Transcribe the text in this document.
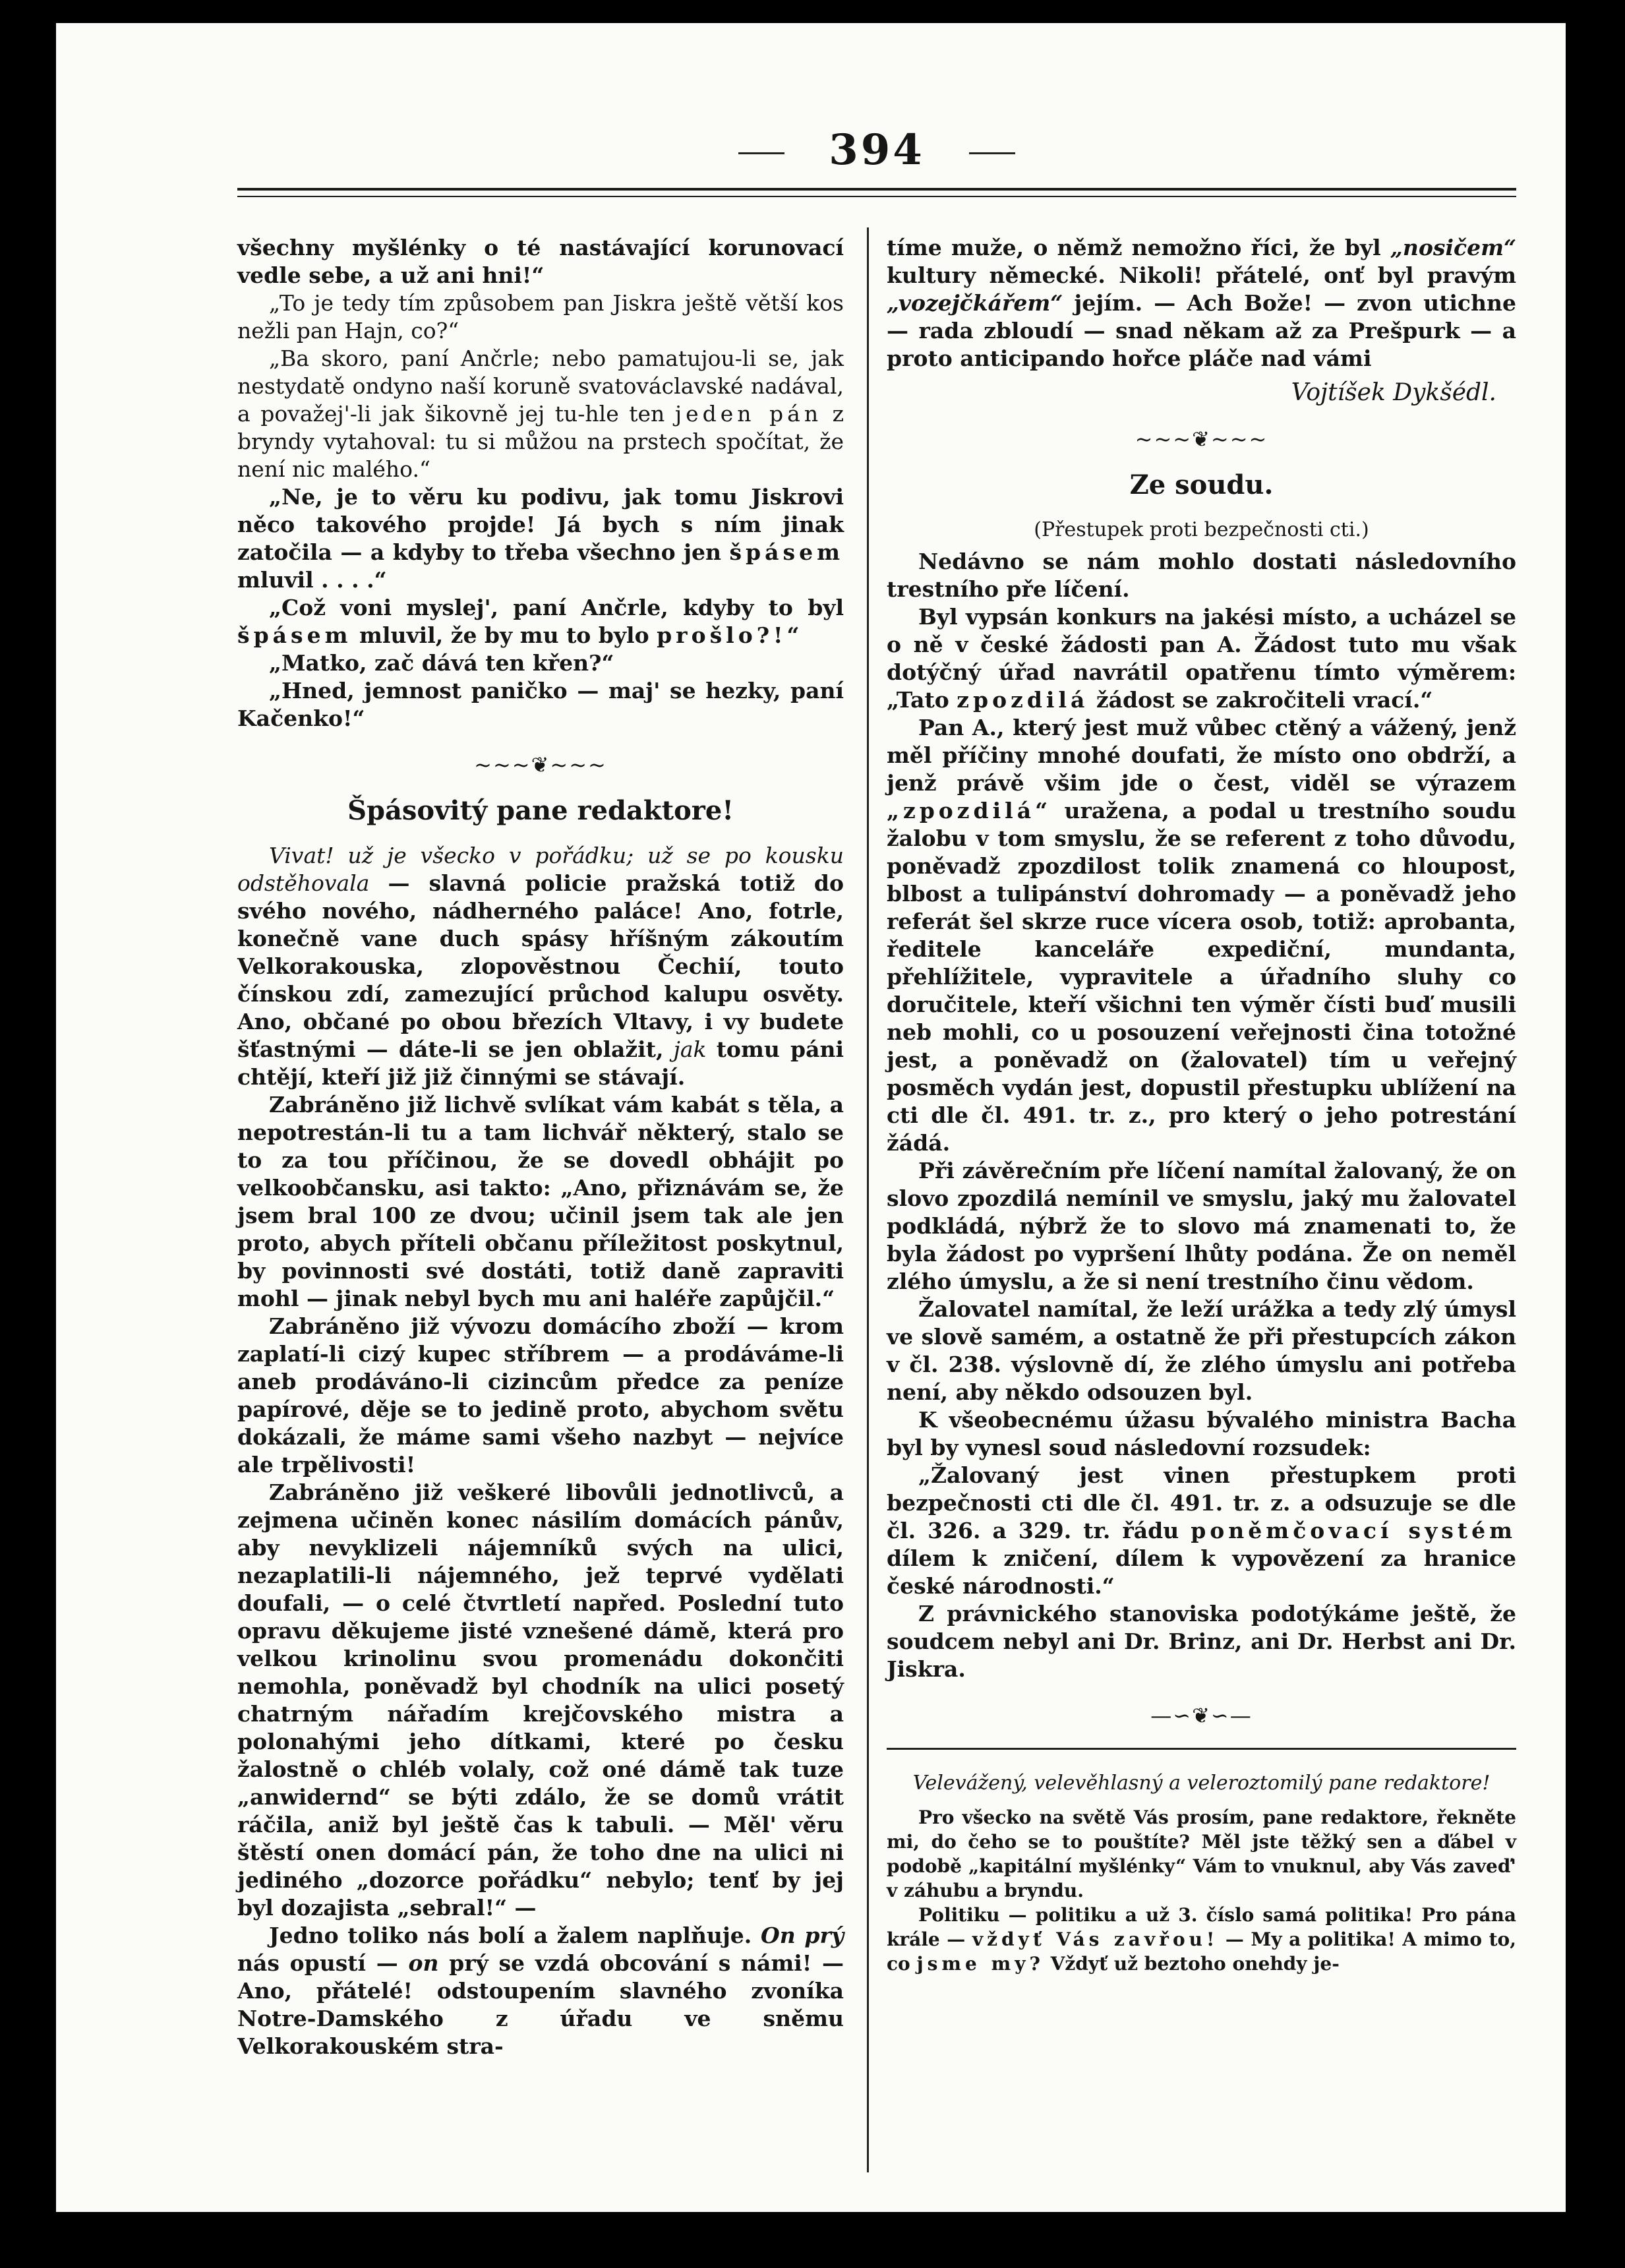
394

všechny myšlénky o té nastávající korunovací vedle sebe, a už ani hni!“

„To je tedy tím způsobem pan Jiskra ještě větší kos nežli pan Hajn, co?“

„Ba skoro, paní Ančrle; nebo pamatujou-li se, jak nestydatě ondyno naší koruně svatováclavské nadával, a považej'-li jak šikovně jej tu-hle ten jeden pán z bryndy vytahoval: tu si můžou na prstech spočítat, že není nic malého.“

„Ne, je to věru ku podivu, jak tomu Jiskrovi něco takového projde! Já bych s ním jinak zatočila — a kdyby to třeba všechno jen špásem mluvil . . . .“

„Což voni myslej', paní Ančrle, kdyby to byl špásem mluvil, že by mu to bylo prošlo?!“

„Matko, zač dává ten křen?“

„Hned, jemnost paničko — maj' se hezky, paní Kačenko!“

~~~❦~~~
Špásovitý pane redaktore!

Vivat! už je všecko v pořádku; už se po kousku odstěhovala — slavná policie pražská totiž do svého nového, nádherného paláce! Ano, fotrle, konečně vane duch spásy hříšným zákoutím Velkorakouska, zlopověstnou Čechií, touto čínskou zdí, zamezující průchod kalupu osvěty. Ano, občané po obou březích Vltavy, i vy budete šťastnými — dáte-li se jen oblažit, jak tomu páni chtějí, kteří již již činnými se stávají.

Zabráněno již lichvě svlíkat vám kabát s těla, a nepotrestán-li tu a tam lichvář některý, stalo se to za tou příčinou, že se dovedl obhájit po velkoobčansku, asi takto: „Ano, přiznávám se, že jsem bral 100 ze dvou; učinil jsem tak ale jen proto, abych příteli občanu příležitost poskytnul, by povinnosti své dostáti, totiž daně zapraviti mohl — jinak nebyl bych mu ani haléře zapůjčil.“

Zabráněno již vývozu domácího zboží — krom zaplatí-li cizý kupec stříbrem — a prodáváme-li aneb prodáváno-li cizincům předce za peníze papírové, děje se to jedině proto, abychom světu dokázali, že máme sami všeho nazbyt — nejvíce ale trpělivosti!

Zabráněno již veškeré libovůli jednotlivců, a zejmena učiněn konec násilím domácích pánův, aby nevyklizeli nájemníků svých na ulici, nezaplatili-li nájemného, jež teprvé vydělati doufali, — o celé čtvrtletí napřed. Poslední tuto opravu děkujeme jisté vznešené dámě, která pro velkou krinolinu svou promenádu dokončiti nemohla, poněvadž byl chodník na ulici posetý chatrným nářadím krejčovského mistra a polonahými jeho dítkami, které po česku žalostně o chléb volaly, což oné dámě tak tuze „anwidernd“ se býti zdálo, že se domů vrátit ráčila, aniž byl ještě čas k tabuli. — Měl' věru štěstí onen domácí pán, že toho dne na ulici ni jediného „dozorce pořádku“ nebylo; tenť by jej byl dozajista „sebral!“ —

Jedno toliko nás bolí a žalem naplňuje. On prý nás opustí — on prý se vzdá obcování s námi! — Ano, přátelé! odstoupením slavného zvoníka Notre-Damského z úřadu ve sněmu Velkorakouském stra-

tíme muže, o němž nemožno říci, že byl „nosičem“ kultury německé. Nikoli! přátelé, onť byl pravým „vozejčkářem“ jejím. — Ach Bože! — zvon utichne — rada zbloudí — snad někam až za Prešpurk — a proto anticipando hořce pláče nad vámi

Vojtíšek Dykšédl.
~~~❦~~~
Ze soudu.
(Přestupek proti bezpečnosti cti.)

Nedávno se nám mohlo dostati následovního trestního pře líčení.

Byl vypsán konkurs na jakési místo, a ucházel se o ně v české žádosti pan A. Žádost tuto mu však dotýčný úřad navrátil opatřenu tímto výměrem: „Tato zpozdilá žádost se zakročiteli vrací.“

Pan A., který jest muž vůbec ctěný a vážený, jenž měl příčiny mnohé doufati, že místo ono obdrží, a jenž právě všim jde o čest, viděl se výrazem „zpozdilá“ uražena, a podal u trestního soudu žalobu v tom smyslu, že se referent z toho důvodu, poněvadž zpozdilost tolik znamená co hloupost, blbost a tulipánství dohromady — a poněvadž jeho referát šel skrze ruce vícera osob, totiž: aprobanta, ředitele kanceláře expediční, mundanta, přehlížitele, vypravitele a úřadního sluhy co doručitele, kteří všichni ten výměr čísti buď musili neb mohli, co u posouzení veřejnosti čina totožné jest, a poněvadž on (žalovatel) tím u veřejný posměch vydán jest, dopustil přestupku ublížení na cti dle čl. 491. tr. z., pro který o jeho potrestání žádá.

Při závěrečním pře líčení namítal žalovaný, že on slovo zpozdilá nemínil ve smyslu, jaký mu žalovatel podkládá, nýbrž že to slovo má znamenati to, že byla žádost po vypršení lhůty podána. Že on neměl zlého úmyslu, a že si není trestního činu vědom.

Žalovatel namítal, že leží urážka a tedy zlý úmysl ve slově samém, a ostatně že při přestupcích zákon v čl. 238. výslovně dí, že zlého úmyslu ani potřeba není, aby někdo odsouzen byl.

K všeobecnému úžasu bývalého ministra Bacha byl by vynesl soud následovní rozsudek:

„Žalovaný jest vinen přestupkem proti bezpečnosti cti dle čl. 491. tr. z. a odsuzuje se dle čl. 326. a 329. tr. řádu poněmčovací systém dílem k zničení, dílem k vypovězení za hranice české národnosti.“

Z právnického stanoviska podotýkáme ještě, že soudcem nebyl ani Dr. Brinz, ani Dr. Herbst ani Dr. Jiskra.

—∽❦∽—
Velevážený, velevěhlasný a veleroztomilý pane redaktore!

Pro všecko na světě Vás prosím, pane redaktore, řekněte mi, do čeho se to pouštíte? Měl jste těžký sen a ďábel v podobě „kapitální myšlénky“ Vám to vnuknul, aby Vás zaveď' v záhubu a bryndu.

Politiku — politiku a už 3. číslo samá politika! Pro pána krále — vždyť Vás zavřou! — My a politika! A mimo to, co jsme my? Vždyť už beztoho onehdy je-
